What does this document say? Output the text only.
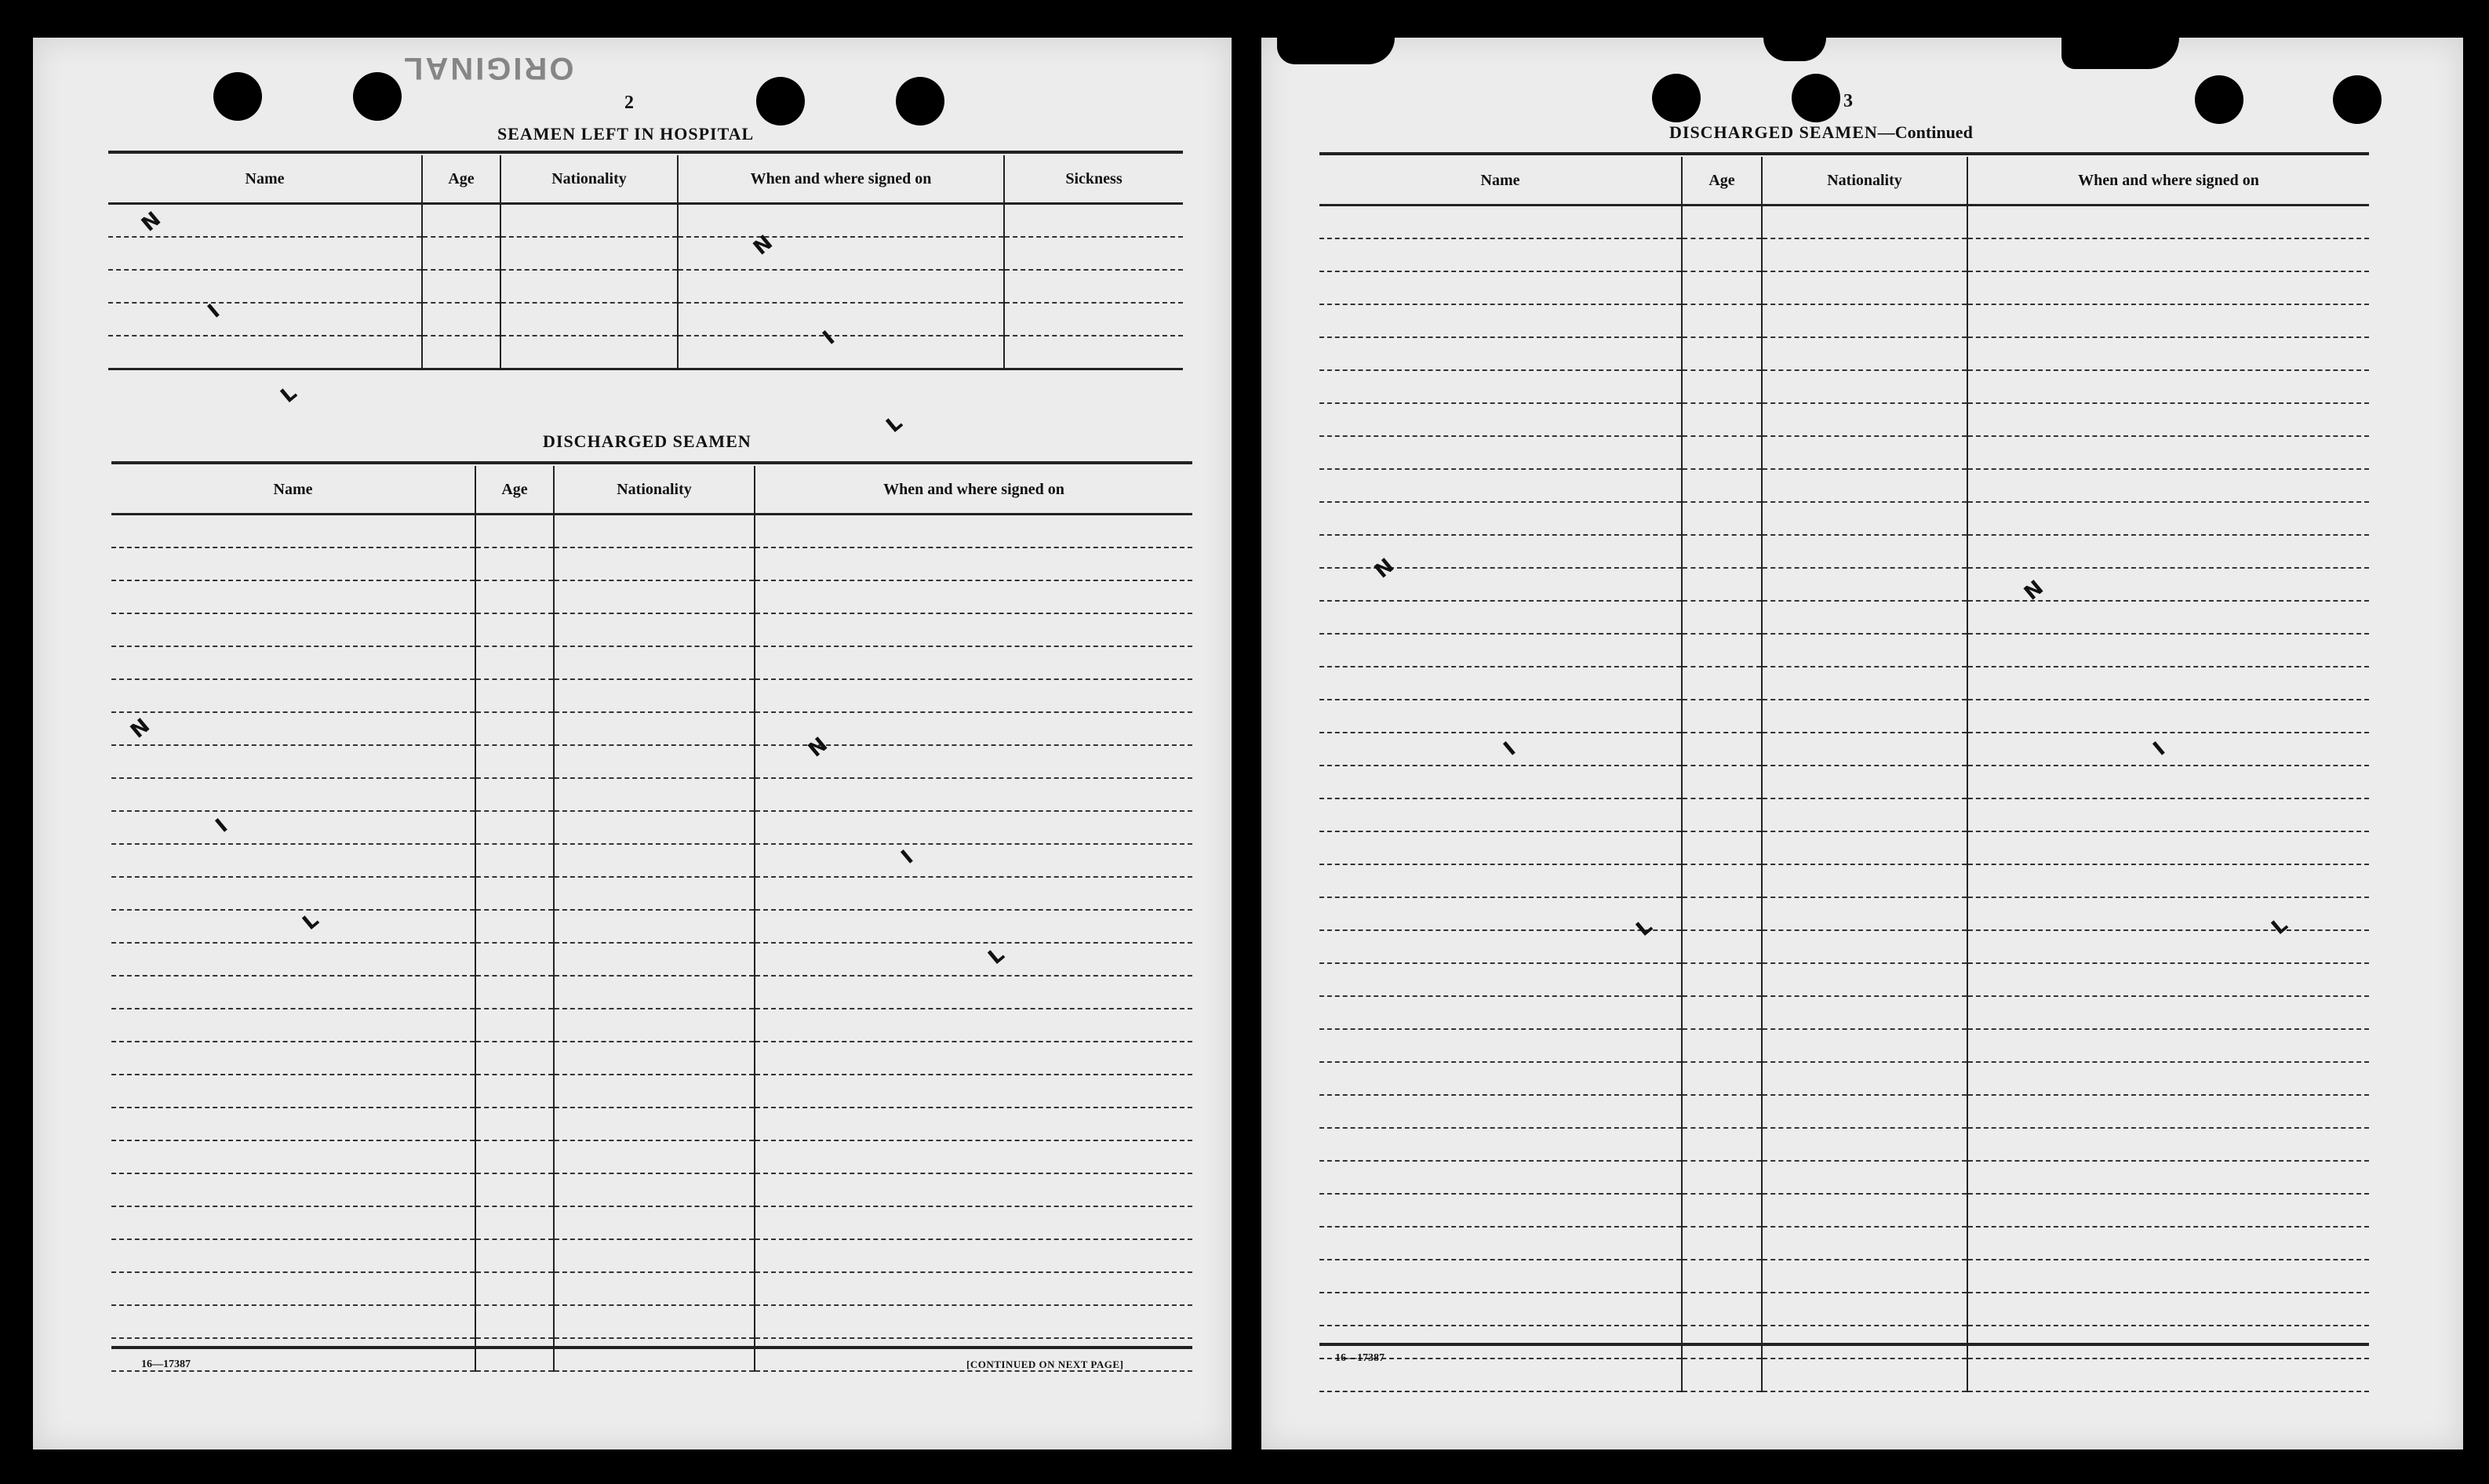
ORIGINAL
2
SEAMEN LEFT IN HOSPITAL
Name	Age	Nationality	When and where signed on	Sickness

N
I
L
N
I
L
DISCHARGED SEAMEN
Name	Age	Nationality	When and where signed on

N
I
L
N
I
L
16—17387	[CONTINUED ON NEXT PAGE]
3
DISCHARGED SEAMEN—Continued
Name	Age	Nationality	When and where signed on

N
I
L
N
I
L
16—17387
